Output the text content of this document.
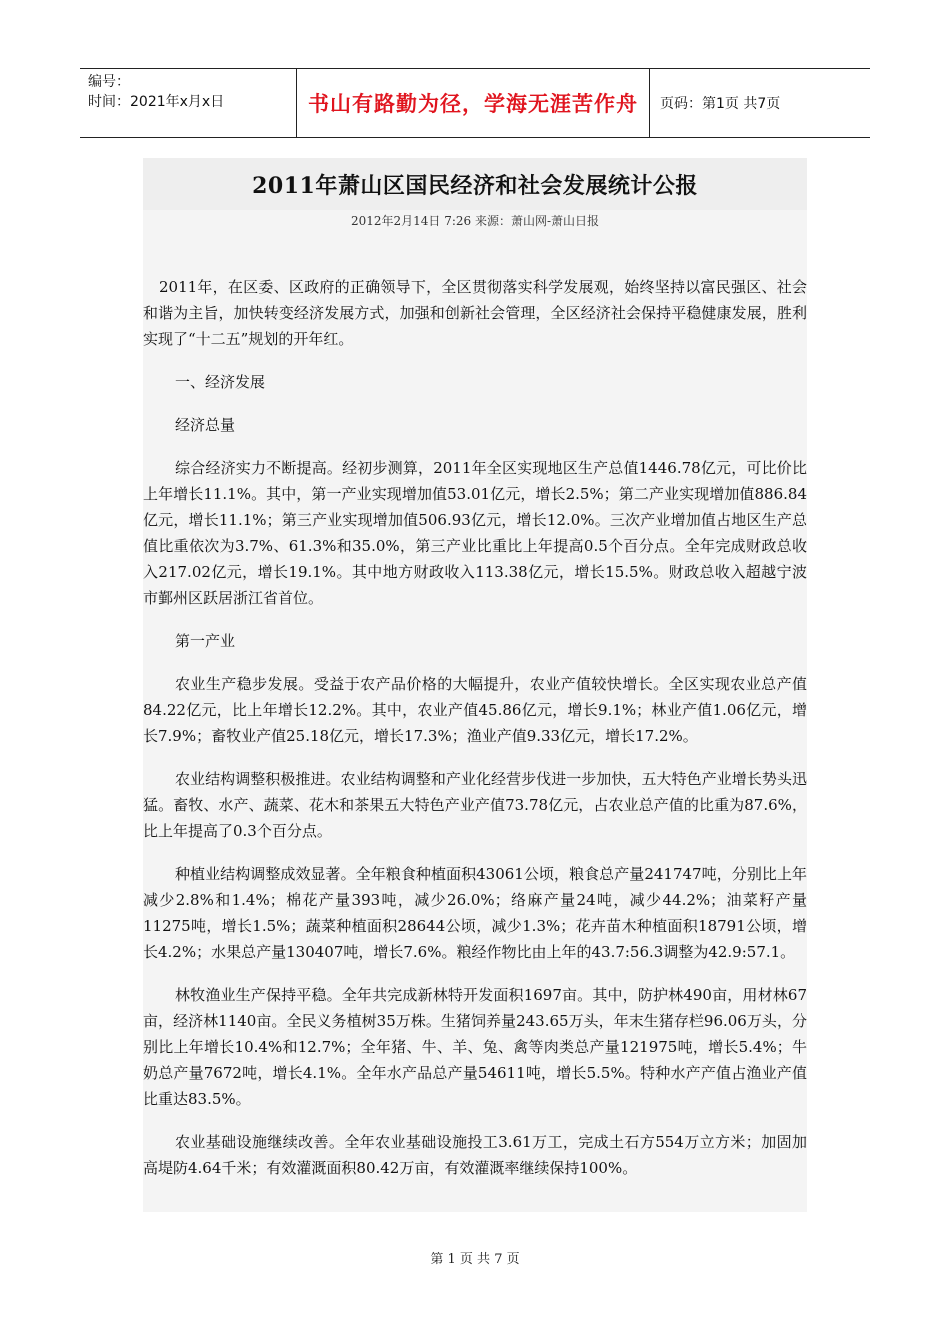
编号：
时间：2021年x月x日	书山有路勤为径，学海无涯苦作舟	页码：第1页 共7页
2011年萧山区国民经济和社会发展统计公报
2012年2月14日 7:26 来源：萧山网-萧山日报

2011年，在区委、区政府的正确领导下，全区贯彻落实科学发展观，始终坚持以富民强区、社会和谐为主旨，加快转变经济发展方式，加强和创新社会管理，全区经济社会保持平稳健康发展，胜利实现了“十二五”规划的开年红。

一、经济发展

经济总量

综合经济实力不断提高。经初步测算，2011年全区实现地区生产总值1446.78亿元，可比价比上年增长11.1%。其中，第一产业实现增加值53.01亿元，增长2.5%；第二产业实现增加值886.84亿元，增长11.1%；第三产业实现增加值506.93亿元，增长12.0%。三次产业增加值占地区生产总值比重依次为3.7%、61.3%和35.0%，第三产业比重比上年提高0.5个百分点。全年完成财政总收入217.02亿元，增长19.1%。其中地方财政收入113.38亿元，增长15.5%。财政总收入超越宁波市鄞州区跃居浙江省首位。

第一产业

农业生产稳步发展。受益于农产品价格的大幅提升，农业产值较快增长。全区实现农业总产值84.22亿元，比上年增长12.2%。其中，农业产值45.86亿元，增长9.1%；林业产值1.06亿元，增长7.9%；畜牧业产值25.18亿元，增长17.3%；渔业产值9.33亿元，增长17.2%。

农业结构调整积极推进。农业结构调整和产业化经营步伐进一步加快，五大特色产业增长势头迅猛。畜牧、水产、蔬菜、花木和茶果五大特色产业产值73.78亿元，占农业总产值的比重为87.6%，比上年提高了0.3个百分点。

种植业结构调整成效显著。全年粮食种植面积43061公顷，粮食总产量241747吨，分别比上年减少2.8%和1.4%；棉花产量393吨，减少26.0%；络麻产量24吨，减少44.2%；油菜籽产量11275吨，增长1.5%；蔬菜种植面积28644公顷，减少1.3%；花卉苗木种植面积18791公顷，增长4.2%；水果总产量130407吨，增长7.6%。粮经作物比由上年的43.7:56.3调整为42.9:57.1。

林牧渔业生产保持平稳。全年共完成新林特开发面积1697亩。其中，防护林490亩，用材林67亩，经济林1140亩。全民义务植树35万株。生猪饲养量243.65万头，年末生猪存栏96.06万头，分别比上年增长10.4%和12.7%；全年猪、牛、羊、兔、禽等肉类总产量121975吨，增长5.4%；牛奶总产量7672吨，增长4.1%。全年水产品总产量54611吨，增长5.5%。特种水产产值占渔业产值比重达83.5%。

农业基础设施继续改善。全年农业基础设施投工3.61万工，完成土石方554万立方米；加固加高堤防4.64千米；有效灌溉面积80.42万亩，有效灌溉率继续保持100%。

第 1 页 共 7 页
